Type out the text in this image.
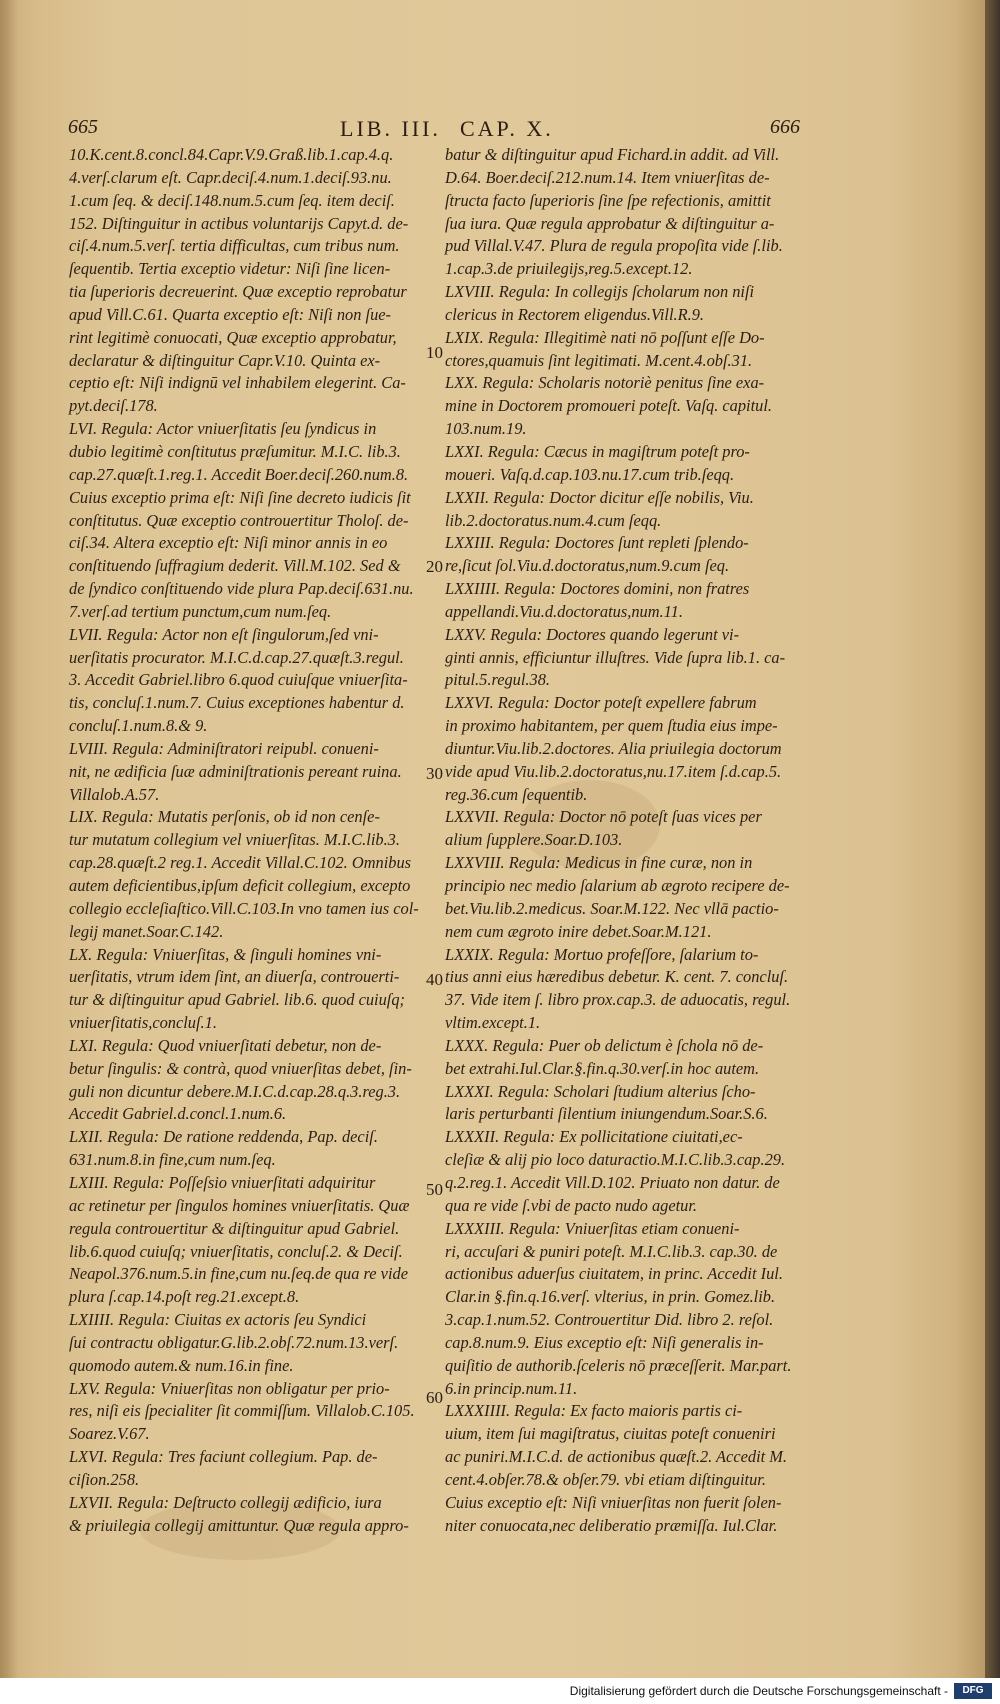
665	LIB. III. CAP. X.	666
10.K.cent.8.concl.84.Capr.V.9.Graß.lib.1.cap.4.q.
4.verſ.clarum eſt. Capr.deciſ.4.num.1.deciſ.93.nu.
1.cum ſeq. & deciſ.148.num.5.cum ſeq. item deciſ.
152. Diſtinguitur in actibus voluntarijs Capyt.d. de-
ciſ.4.num.5.verſ. tertia difficultas, cum tribus num.
ſequentib. Tertia exceptio videtur: Niſi ſine licen-
tia ſuperioris decreuerint. Quæ exceptio reprobatur
apud Vill.C.61. Quarta exceptio eſt: Niſi non ſue-
rint legitimè conuocati, Quæ exceptio approbatur,
declaratur & diſtinguitur Capr.V.10. Quinta ex-
ceptio eſt: Niſi indignū vel inhabilem elegerint. Ca-
pyt.deciſ.178.
LVI. Regula: Actor vniuerſitatis ſeu ſyndicus in
dubio legitimè conſtitutus præſumitur. M.I.C. lib.3.
cap.27.quæſt.1.reg.1. Accedit Boer.deciſ.260.num.8.
Cuius exceptio prima eſt: Niſi ſine decreto iudicis ſit
conſtitutus. Quæ exceptio controuertitur Tholoſ. de-
ciſ.34. Altera exceptio eſt: Niſi minor annis in eo
conſtituendo ſuffragium dederit. Vill.M.102. Sed &
de ſyndico conſtituendo vide plura Pap.deciſ.631.nu.
7.verſ.ad tertium punctum,cum num.ſeq.
LVII. Regula: Actor non eſt ſingulorum,ſed vni-
uerſitatis procurator. M.I.C.d.cap.27.quæſt.3.regul.
3. Accedit Gabriel.libro 6.quod cuiuſque vniuerſita-
tis, concluſ.1.num.7. Cuius exceptiones habentur d.
concluſ.1.num.8.& 9.
LVIII. Regula: Adminiſtratori reipubl. conueni-
nit, ne ædificia ſuæ adminiſtrationis pereant ruina.
Villalob.A.57.
LIX. Regula: Mutatis perſonis, ob id non cenſe-
tur mutatum collegium vel vniuerſitas. M.I.C.lib.3.
cap.28.quæſt.2 reg.1. Accedit Villal.C.102. Omnibus
autem deficientibus,ipſum deficit collegium, excepto
collegio eccleſiaſtico.Vill.C.103.In vno tamen ius col-
legij manet.Soar.C.142.
LX. Regula: Vniuerſitas, & ſinguli homines vni-
uerſitatis, vtrum idem ſint, an diuerſa, controuerti-
tur & diſtinguitur apud Gabriel. lib.6. quod cuiuſq;
vniuerſitatis,concluſ.1.
LXI. Regula: Quod vniuerſitati debetur, non de-
betur ſingulis: & contrà, quod vniuerſitas debet, ſin-
guli non dicuntur debere.M.I.C.d.cap.28.q.3.reg.3.
Accedit Gabriel.d.concl.1.num.6.
LXII. Regula: De ratione reddenda, Pap. deciſ.
631.num.8.in fine,cum num.ſeq.
LXIII. Regula: Poſſeſsio vniuerſitati adquiritur
ac retinetur per ſingulos homines vniuerſitatis. Quæ
regula controuertitur & diſtinguitur apud Gabriel.
lib.6.quod cuiuſq; vniuerſitatis, concluſ.2. & Deciſ.
Neapol.376.num.5.in fine,cum nu.ſeq.de qua re vide
plura ſ.cap.14.poſt reg.21.except.8.
LXIIII. Regula: Ciuitas ex actoris ſeu Syndici
ſui contractu obligatur.G.lib.2.obſ.72.num.13.verſ.
quomodo autem.& num.16.in fine.
LXV. Regula: Vniuerſitas non obligatur per prio-
res, niſi eis ſpecialiter ſit commiſſum. Villalob.C.105.
Soarez.V.67.
LXVI. Regula: Tres faciunt collegium. Pap. de-
ciſion.258.
LXVII. Regula: Deſtructo collegij ædificio, iura
& priuilegia collegij amittuntur. Quæ regula appro-
batur & diſtinguitur apud Fichard.in addit. ad Vill.
D.64. Boer.deciſ.212.num.14. Item vniuerſitas de-
ſtructa facto ſuperioris ſine ſpe refectionis, amittit
ſua iura. Quæ regula approbatur & diſtinguitur a-
pud Villal.V.47. Plura de regula propoſita vide ſ.lib.
1.cap.3.de priuilegijs,reg.5.except.12.
LXVIII. Regula: In collegijs ſcholarum non niſi
clericus in Rectorem eligendus.Vill.R.9.
LXIX. Regula: Illegitimè nati nō poſſunt eſſe Do-
ctores,quamuis ſint legitimati. M.cent.4.obſ.31.
LXX. Regula: Scholaris notoriè penitus ſine exa-
mine in Doctorem promoueri poteſt. Vaſq. capitul.
103.num.19.
LXXI. Regula: Cæcus in magiſtrum poteſt pro-
moueri. Vaſq.d.cap.103.nu.17.cum trib.ſeqq.
LXXII. Regula: Doctor dicitur eſſe nobilis, Viu.
lib.2.doctoratus.num.4.cum ſeqq.
LXXIII. Regula: Doctores ſunt repleti ſplendo-
re,ſicut ſol.Viu.d.doctoratus,num.9.cum ſeq.
LXXIIII. Regula: Doctores domini, non fratres
appellandi.Viu.d.doctoratus,num.11.
LXXV. Regula: Doctores quando legerunt vi-
ginti annis, efficiuntur illuſtres. Vide ſupra lib.1. ca-
pitul.5.regul.38.
LXXVI. Regula: Doctor poteſt expellere fabrum
in proximo habitantem, per quem ſtudia eius impe-
diuntur.Viu.lib.2.doctores. Alia priuilegia doctorum
vide apud Viu.lib.2.doctoratus,nu.17.item ſ.d.cap.5.
reg.36.cum ſequentib.
LXXVII. Regula: Doctor nō poteſt ſuas vices per
alium ſupplere.Soar.D.103.
LXXVIII. Regula: Medicus in fine curæ, non in
principio nec medio ſalarium ab ægroto recipere de-
bet.Viu.lib.2.medicus. Soar.M.122. Nec vllā pactio-
nem cum ægroto inire debet.Soar.M.121.
LXXIX. Regula: Mortuo profeſſore, ſalarium to-
tius anni eius hæredibus debetur. K. cent. 7. concluſ.
37. Vide item ſ. libro prox.cap.3. de aduocatis, regul.
vltim.except.1.
LXXX. Regula: Puer ob delictum è ſchola nō de-
bet extrahi.Iul.Clar.§.fin.q.30.verſ.in hoc autem.
LXXXI. Regula: Scholari ſtudium alterius ſcho-
laris perturbanti ſilentium iniungendum.Soar.S.6.
LXXXII. Regula: Ex pollicitatione ciuitati,ec-
cleſiæ & alij pio loco daturactio.M.I.C.lib.3.cap.29.
q.2.reg.1. Accedit Vill.D.102. Priuato non datur. de
qua re vide ſ.vbi de pacto nudo agetur.
LXXXIII. Regula: Vniuerſitas etiam conueni-
ri, accuſari & puniri poteſt. M.I.C.lib.3. cap.30. de
actionibus aduerſus ciuitatem, in princ. Accedit Iul.
Clar.in §.fin.q.16.verſ. vlterius, in prin. Gomez.lib.
3.cap.1.num.52. Controuertitur Did. libro 2. reſol.
cap.8.num.9. Eius exceptio eſt: Niſi generalis in-
quiſitio de authorib.ſceleris nō præceſſerit. Mar.part.
6.in princip.num.11.
LXXXIIII. Regula: Ex facto maioris partis ci-
uium, item ſui magiſtratus, ciuitas poteſt conueniri
ac puniri.M.I.C.d. de actionibus quæſt.2. Accedit M.
cent.4.obſer.78.& obſer.79. vbi etiam diſtinguitur.
Cuius exceptio eſt: Niſi vniuerſitas non fuerit ſolen-
niter conuocata,nec deliberatio præmiſſa. Iul.Clar.
10
20
30
40
50
60
Digitalisierung gefördert durch die Deutsche Forschungsgemeinschaft -	DFG
